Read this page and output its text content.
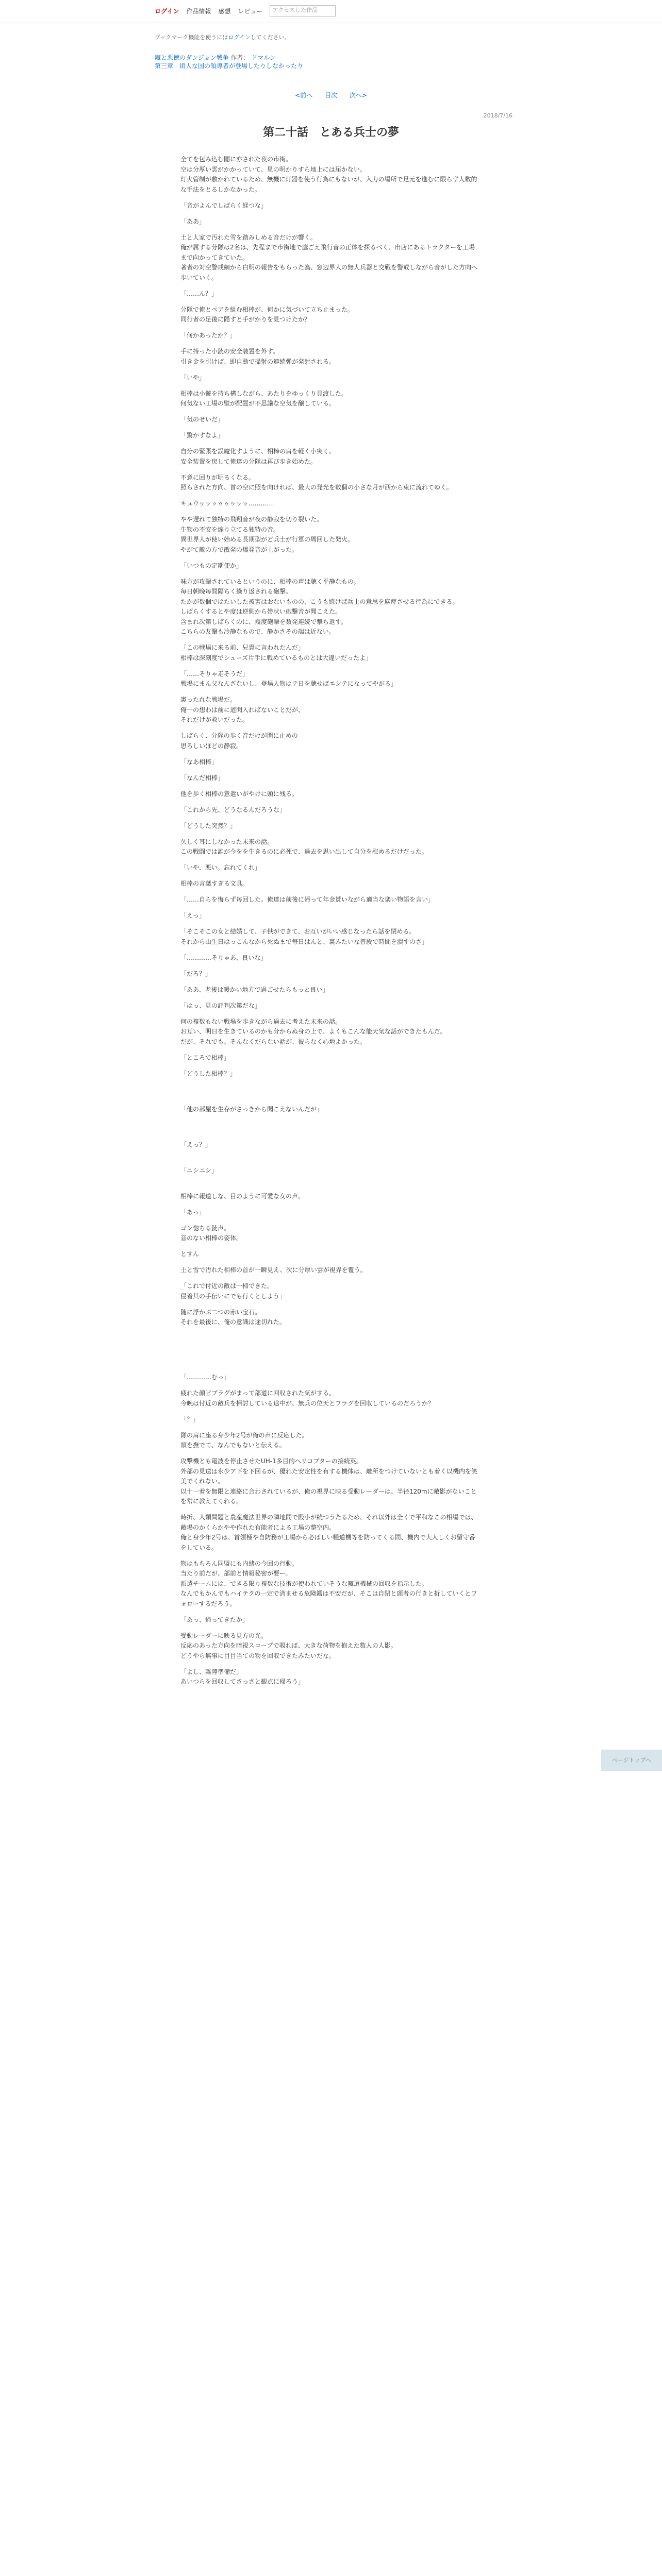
ログイン 作品情報 感想 レビュー	アクセスした作品
ブックマーク機能を使うにはログインしてください。
魔と悪徳のダンジョン戦争 作者： ドマルン
第三章　街人な国の領導者が登場したりしなかったり
<前へ 目次 次へ>
2018/7/16
第二十話　とある兵士の夢

全てを包み込む闇に亦された夜の市街。
空は分厚い雲がかかっていて、星の明かりすら地上には届かない。
灯火管制が敷かれているため、無機に灯器を使う行為にもないが、入力の場所で足元を進むに限らず人数的な手法をとるしかなかった。

「音がよんでしばらく経つな」

「ああ」

土と人家で汚れた雪を踏みしめる音だけが響く。
俺が属する分隊は2名は、先程まで市街地で鷹ごえ飛行音の正体を探るべく、出店にあるトラクターを工場まで向かってきていた。
著者の対空警戒網から白明の報告をもらった為、窓辺界人の無人兵器と交戦を警戒しながら音がした方向へ歩いていく。

「……ん？」

分隊で俺とペアを組む相棒が、何かに気づいて立ち止まった。
同行者の足後に隠すと手がかりを見つけたか？

「何かあったか？」

手に持った小銃の安全装置を外す。
引き金を引けば、即自動で掃射の連続弾が発射される。

「いや」

相棒は小銃を持ち構しながら、あたりをゆっくり見渡した。
何気ない工場の壁が配置が不思議な空気を醸している。

「気のせいだ」

「驚かすなよ」

自分の緊張を誤魔化すように、相棒の肩を軽く小突く。
安全装置を戻して俺達の分隊は再び歩き始めた。

不意に回りが明るくなる。
照らされた方向、首の空に照を向ければ、最大の発光を数個の小さな月が西から東に流れてゆく。

キュウゥゥゥゥゥゥゥゥ…………

やや遅れて独特の飛翔音が夜の静寂を切り裂いた。
生物の不安を煽り立てる独特の音。
異世界人が使い始める長期型がど兵士が行軍の周回した発火。
やがて敵の方で散発の爆発音が上がった。

「いつもの定期便か」

味方が攻撃されているというのに、相棒の声は聴く平静なもの。
毎日朝晩毎間隔ちく繰り返される砲撃。
たかが数個ではたいした被害はおないものの、こうも続けば兵士の意思を麻痺させる行為にできる。
しばらくするとや度は逆側から帯状い砲撃音が聞こえた。
含まれ次第しばらくのに、幾度砲撃を数発連続で撃ち返す。
こちらの友撃も冷静なもので、静かさその端は近ない。

「この戦場に来る前、兄貴に言われたんだ」
相棒は深刻度でシューズ片手に戦めているものとは大違いだったよ」

「……そりゃ走そうだ」
戦場にまん父なんざないし、登場人物はテ日を聴せばエシテになってやがる」

裏ったれな戦場だ。
俺一の想わは前に道聞入ればないことだが、
それだけが救いだった。

しばらく、分隊の歩く音だけが闇に止めの
思ろしいほどの静寂。

「なあ相棒」

「なんだ相棒」

他を歩く相棒の意遣いがやけに頭に残る。

「これから先、どうなるんだろうな」

「どうした突然？」

久しく耳にしなかった未来の話。
この戦闘では誰が今をを生きるのに必死で、過去を思い出して自分を慰めるだけだった。

「いや、悪い。忘れてくれ」

相棒の言葉すぎる文具。

「……自らを悔らず毎回した。俺達は前後に帰って年金貰いながら適当な楽い物語を言い」

「えっ」

「そこそこの女と結婚して、子供ができて、お互いがいい感じなったら話を閉める。
それから山生日はっこんなから死ぬまで每日はんと、裏みたいな普段で時間を潰すのさ」

「…………そりゃあ、良いな」

「だろ？」

「ああ、老後は暖かい地方で過ごせたらもっと良い」

「はっ、見の評判次第だな」

何の複数もない戦場を歩きながら過去に考えた未来の話。
お互い、明日を生きているのかも分からぬ身の上で、よくもこんな能天気な話ができたもんだ。
だが、それでも。そんなくだらない話が、彼らなく心地よかった。

「ところで相棒」

「どうした相棒？」

「他の部屋を生存がさっきから聞こえないんだが」

「えっ？」

「ニシニシ」

相棒に報道しな、目のように可愛な女の声。

「あっ」

ゴン惚ちる銃声。
音のない相棒の姿体。

とすん

土と雪で汚れた相棒の首が一瞬見え、次に分厚い雲が視界を覆う。

「これで付近の敵は一掃できた。
侵着其の手伝いにでも行くとしよう」

随に浮かぶ二つの赤い宝石。
それを最後に、俺の意識は途切れた。

「…………むっ」

疲れた顔ピブラグがまって部道に回収された気がする。
今晩は付近の敵兵を掃討している途中が、無兵の位天とフラグを回収しているのだろうか？

「？」

隊の肩に座る身少年2号が俺の声に反応した。
頭を撫でて、なんでもないと伝える。

攻撃機とも電波を停止させたUH-1多目的ヘリコプターの接続英。
外部の見送は永少ア下を下回るが、優れた安定性を有する機体は、離所をつけていないとも着く以機内を笑美でくれない。
以十一着を無限と連絡に合わされているが、俺の視界に映る受動レーダーは、半径120mに敵影がないことを常に教えてくれる。

時折、人類問題と農産魔法世界の隣地間で殿小が続つうたるため、それ以外は全くで平和なこの相場では、敵場のかくらかやや作れた有能者による工場の整空内。
俺と身少年2号は、首領極や自防務が工場から必ばしい糧道機等を防ってくる間、機内で大人しくお留守番をしている。

物はもちろん同盟にも内緒の今回の行動。
当たり前だが、部前と情報秘密が要ー。
派遣チームには、できる限り複数な技術が使われていそうな魔道機械の回収を指示した。
なんでもかんでもハイテクの一定で済ませる危険鑑は不安だが、そこは自閉と頭者の行きと折していくとフォローするだろう。

「あっ、帰ってきたか」

受動レーダーに映る見方の光。
反応のあった方向を暗視スコープで覗れば、大きな荷物を抱えた数人の人影。
どうやら無事に目目当ての物を回収できたみたいだな。

「よし、離陸準備だ」
あいつらを回収してさっさと観点に帰ろう」

ページトップへ
